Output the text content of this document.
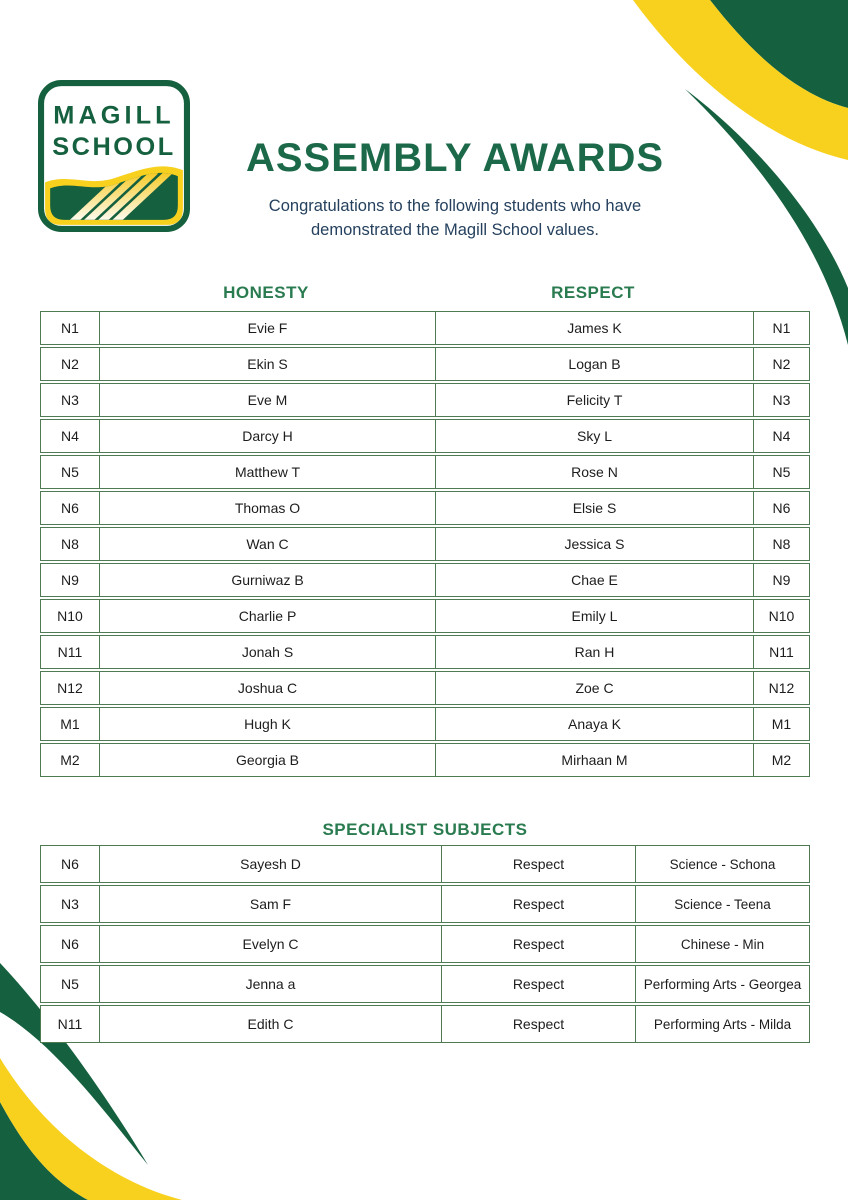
MAGILL
SCHOOL	ASSEMBLY AWARDS
Congratulations to the following students who have
demonstrated the Magill School values.
HONESTY	RESPECT
N1	Evie F	James K	N1
N2	Ekin S	Logan B	N2
N3	Eve M	Felicity T	N3
N4	Darcy H	Sky L	N4
N5	Matthew T	Rose N	N5
N6	Thomas O	Elsie S	N6
N8	Wan C	Jessica S	N8
N9	Gurniwaz B	Chae E	N9
N10	Charlie P	Emily L	N10
N11	Jonah S	Ran H	N11
N12	Joshua C	Zoe C	N12
M1	Hugh K	Anaya K	M1
M2	Georgia B	Mirhaan M	M2
SPECIALIST SUBJECTS
N6	Sayesh D	Respect	Science - Schona
N3	Sam F	Respect	Science - Teena
N6	Evelyn C	Respect	Chinese - Min
N5	Jenna a	Respect	Performing Arts - Georgea
N11	Edith C	Respect	Performing Arts - Milda
